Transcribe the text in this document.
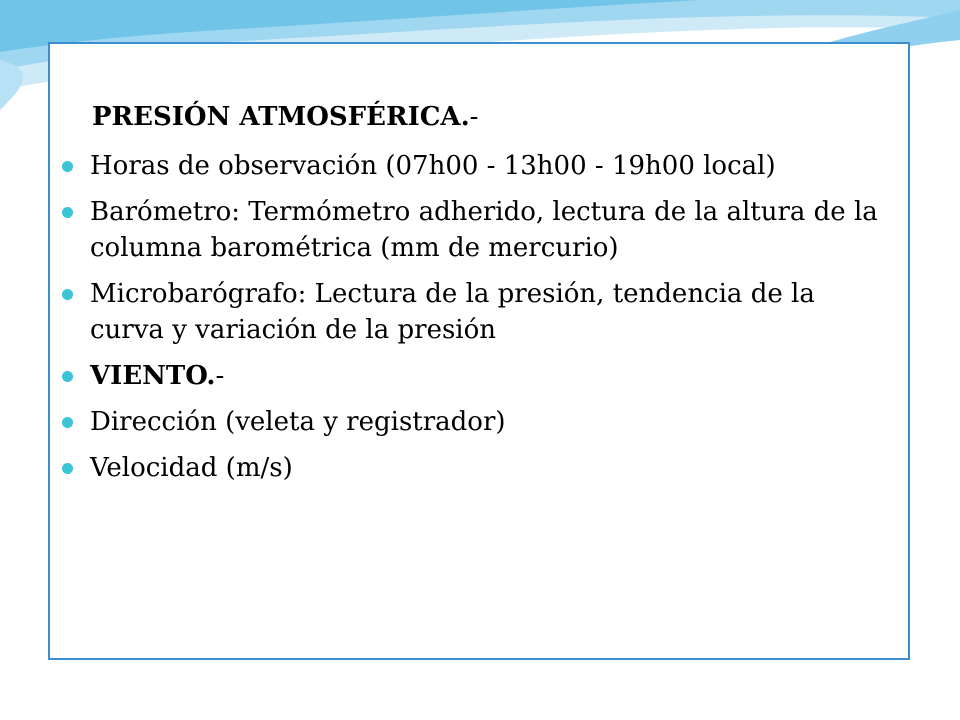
PRESIÓN ATMOSFÉRICA.-
Horas de observación (07h00 - 13h00 - 19h00 local)
Barómetro: Termómetro adherido, lectura de la altura de la columna barométrica (mm de mercurio)
Microbarógrafo: Lectura de la presión, tendencia de la curva y variación de la presión
VIENTO.-
Dirección (veleta y registrador)
Velocidad (m/s)
